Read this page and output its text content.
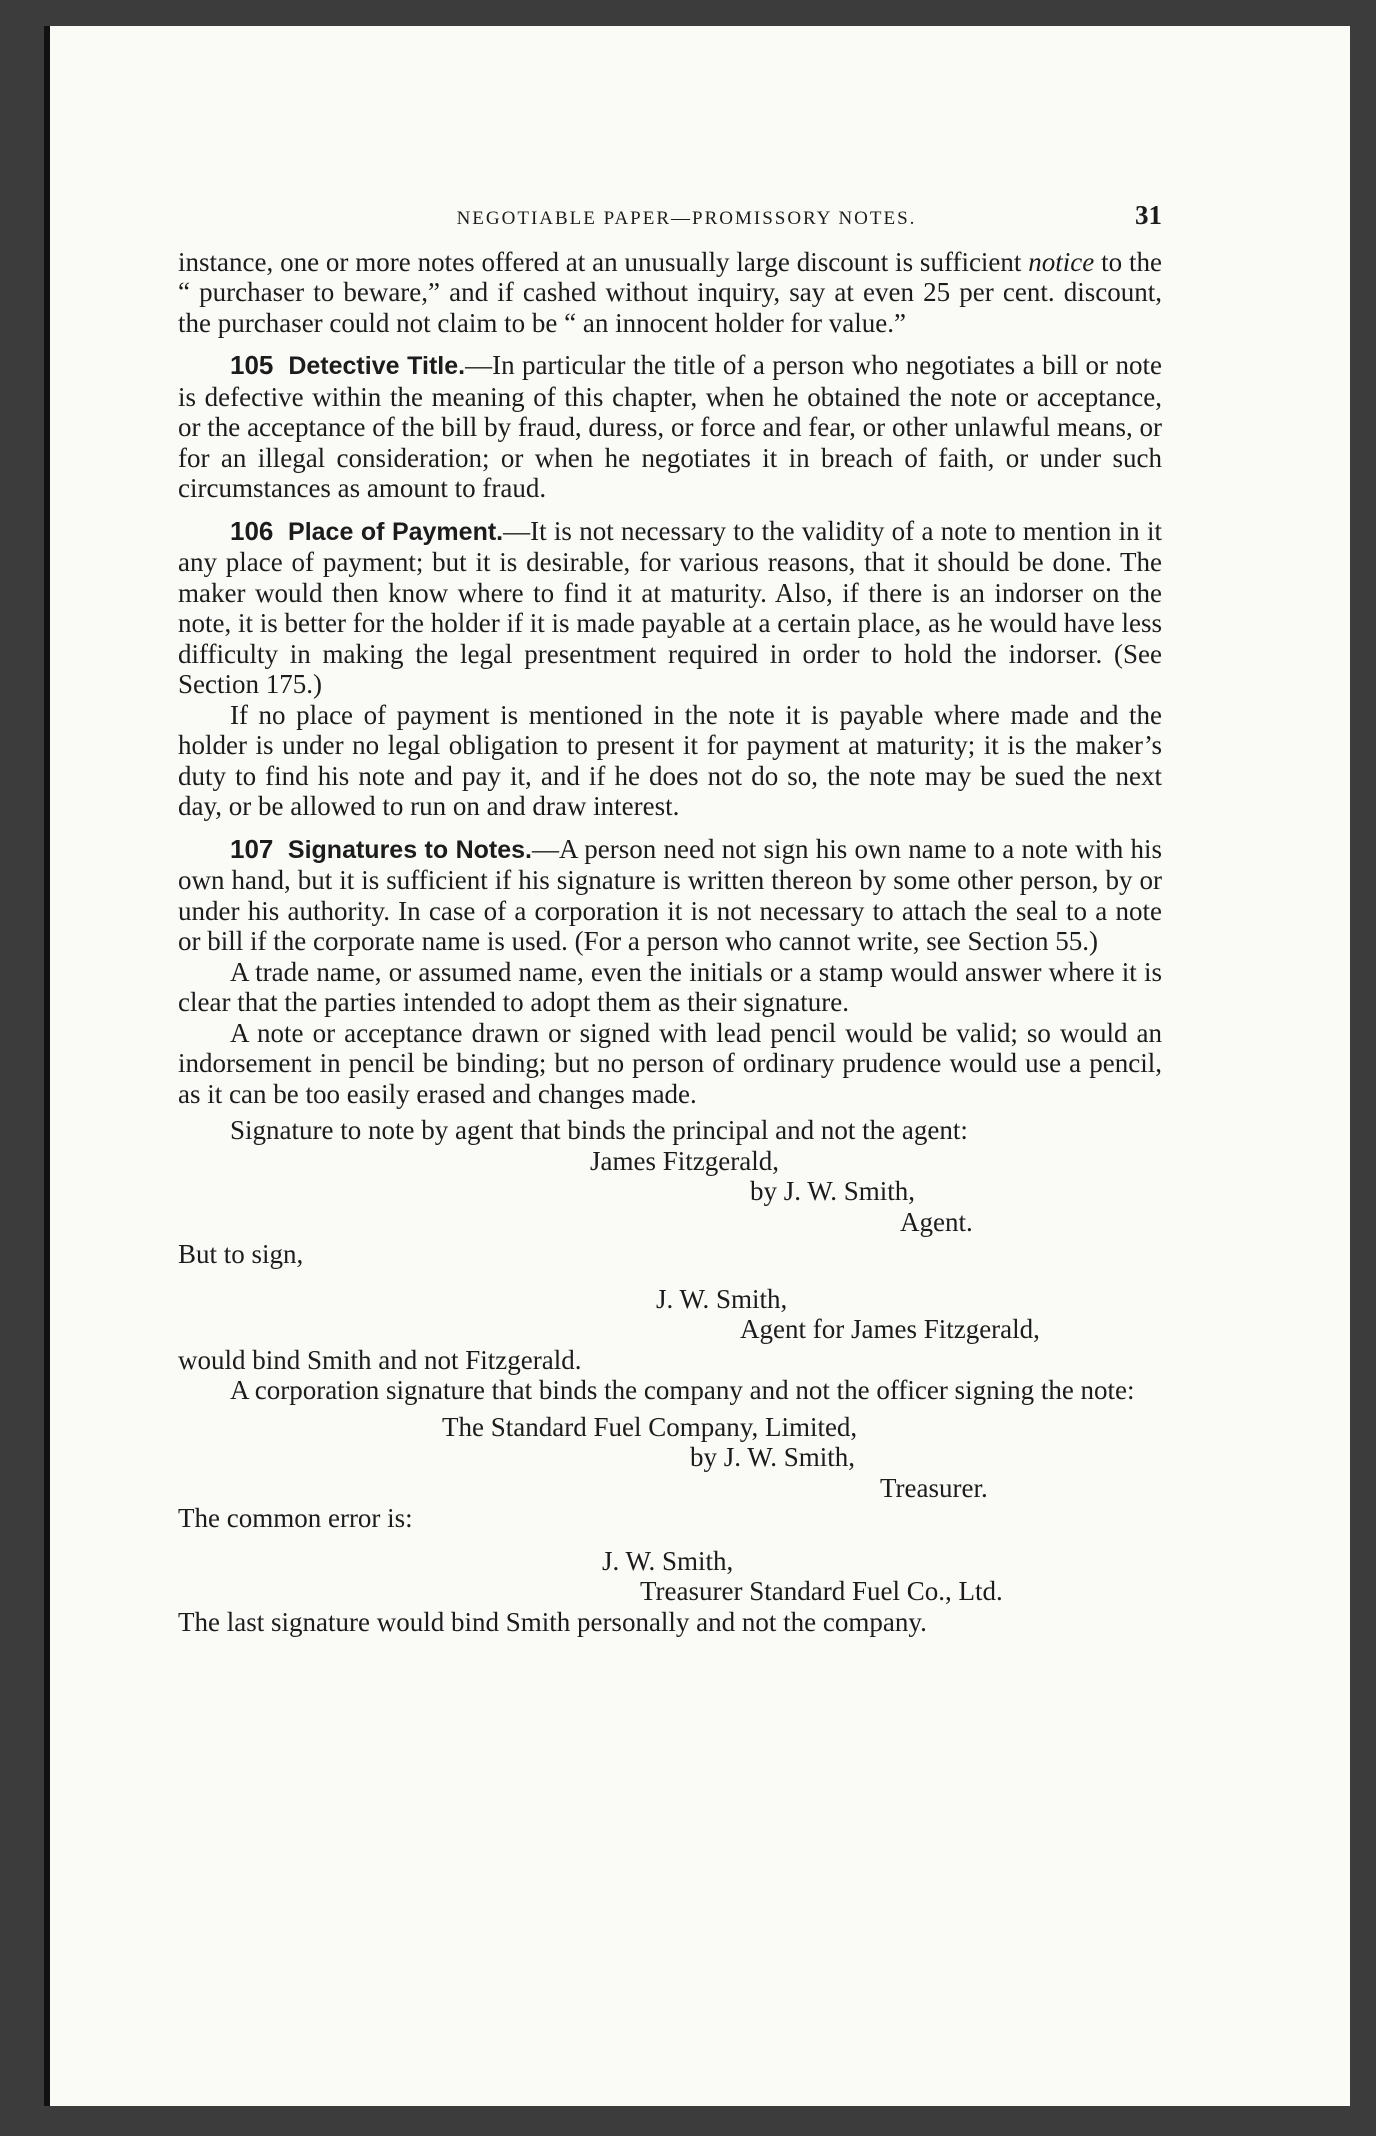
NEGOTIABLE PAPER—PROMISSORY NOTES.	31

instance, one or more notes offered at an unusually large discount is sufficient notice to the “ purchaser to beware,” and if cashed without inquiry, say at even 25 per cent. discount, the purchaser could not claim to be “ an innocent holder for value.”

105 Detective Title.—In particular the title of a person who negotiates a bill or note is defective within the meaning of this chapter, when he obtained the note or acceptance, or the acceptance of the bill by fraud, duress, or force and fear, or other unlawful means, or for an illegal consideration; or when he negotiates it in breach of faith, or under such circumstances as amount to fraud.

106 Place of Payment.—It is not necessary to the validity of a note to mention in it any place of payment; but it is desirable, for various reasons, that it should be done. The maker would then know where to find it at maturity. Also, if there is an indorser on the note, it is better for the holder if it is made payable at a certain place, as he would have less difficulty in making the legal presentment required in order to hold the indorser. (See Section 175.)

If no place of payment is mentioned in the note it is payable where made and the holder is under no legal obligation to present it for payment at maturity; it is the maker’s duty to find his note and pay it, and if he does not do so, the note may be sued the next day, or be allowed to run on and draw interest.

107 Signatures to Notes.—A person need not sign his own name to a note with his own hand, but it is sufficient if his signature is written thereon by some other person, by or under his authority. In case of a corporation it is not necessary to attach the seal to a note or bill if the corporate name is used. (For a person who cannot write, see Section 55.)

A trade name, or assumed name, even the initials or a stamp would answer where it is clear that the parties intended to adopt them as their signature.

A note or acceptance drawn or signed with lead pencil would be valid; so would an indorsement in pencil be binding; but no person of ordinary prudence would use a pencil, as it can be too easily erased and changes made.

Signature to note by agent that binds the principal and not the agent:

James Fitzgerald,
by J. W. Smith,
Agent.

But to sign,

J. W. Smith,
Agent for James Fitzgerald,

would bind Smith and not Fitzgerald.

A corporation signature that binds the company and not the officer signing the note:

The Standard Fuel Company, Limited,
by J. W. Smith,
Treasurer.

The common error is:

J. W. Smith,
Treasurer Standard Fuel Co., Ltd.

The last signature would bind Smith personally and not the company.
